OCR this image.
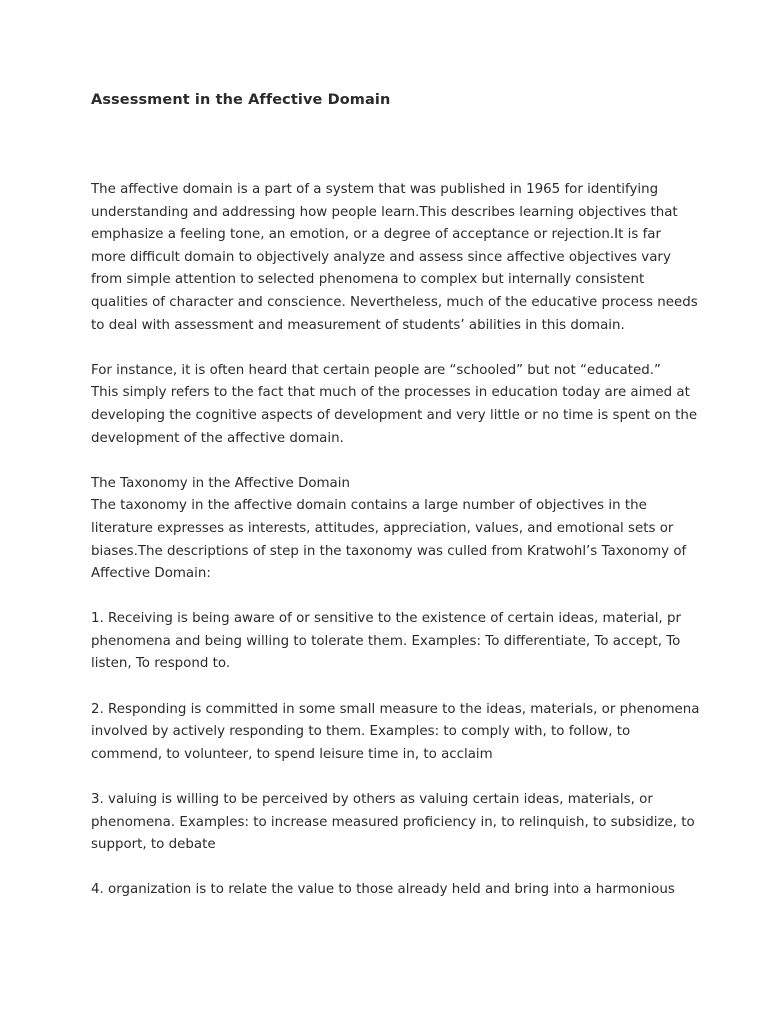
Assessment in the Affective Domain
The affective domain is a part of a system that was published in 1965 for identifying
understanding and addressing how people learn.This describes learning objectives that
emphasize a feeling tone, an emotion, or a degree of acceptance or rejection.It is far
more difficult domain to objectively analyze and assess since affective objectives vary
from simple attention to selected phenomena to complex but internally consistent
qualities of character and conscience. Nevertheless, much of the educative process needs
to deal with assessment and measurement of students’ abilities in this domain.
For instance, it is often heard that certain people are “schooled” but not “educated.”
This simply refers to the fact that much of the processes in education today are aimed at
developing the cognitive aspects of development and very little or no time is spent on the
development of the affective domain.
The Taxonomy in the Affective Domain
The taxonomy in the affective domain contains a large number of objectives in the
literature expresses as interests, attitudes, appreciation, values, and emotional sets or
biases.The descriptions of step in the taxonomy was culled from Kratwohl’s Taxonomy of
Affective Domain:
1. Receiving is being aware of or sensitive to the existence of certain ideas, material, pr
phenomena and being willing to tolerate them. Examples: To differentiate, To accept, To
listen, To respond to.
2. Responding is committed in some small measure to the ideas, materials, or phenomena
involved by actively responding to them. Examples: to comply with, to follow, to
commend, to volunteer, to spend leisure time in, to acclaim
3. valuing is willing to be perceived by others as valuing certain ideas, materials, or
phenomena. Examples: to increase measured proficiency in, to relinquish, to subsidize, to
support, to debate
4. organization is to relate the value to those already held and bring into a harmonious
